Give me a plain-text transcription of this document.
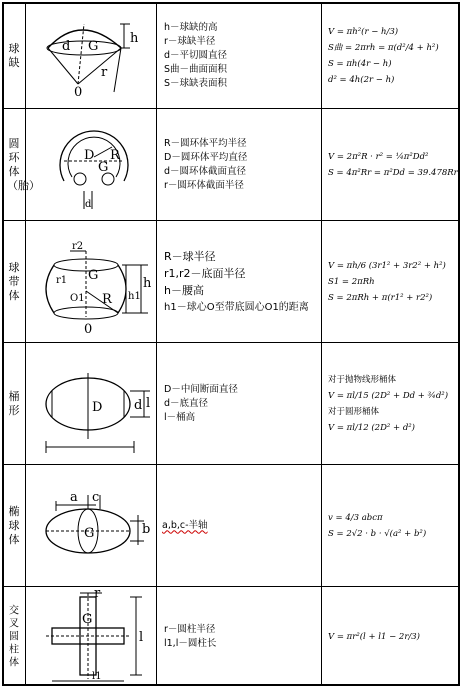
球缺
d G
h
r
0
h－球缺的高
r－球缺半径
d－平切圆直径
S曲－曲面面积
S－球缺表面积
V = πh²(r − h/3)
S曲 = 2πrh = π(d²/4 + h²)
S = πh(4r − h)
d² = 4h(2r − h)
圆环体（胎）
D R
d
G
R－圆环体平均半径
D－圆环体平均直径
d－圆环体截面直径
r－圆环体截面半径
V = 2π²R · r² = ¼π²Dd²
S = 4π²Rr = π²Dd = 39.478Rr
球带体
r2
r1 G
O1 R h1
h
0
R－球半径
r1,r2－底面半径
h－腰高
h1－球心O至带底圆心O1的距离
V = πh/6 (3r1² + 3r2² + h²)
S1 = 2πRh
S = 2πRh + π(r1² + r2²)
桶形	D d l
D－中间断面直径
d－底直径
l－桶高
对于抛物线形桶体
V = πl/15 (2D² + Dd + ¾d²)
对于圆形桶体
V = πl/12 (2D² + d²)
椭球体
a c
G	b a,b,c-半轴
v = 4/3 abcπ
S = 2√2 · b · √(a² + b²)
交叉圆柱体
r
G
l
l1
r－圆柱半径
l1,l－圆柱长
V = πr²(l + l1 − 2r/3)
